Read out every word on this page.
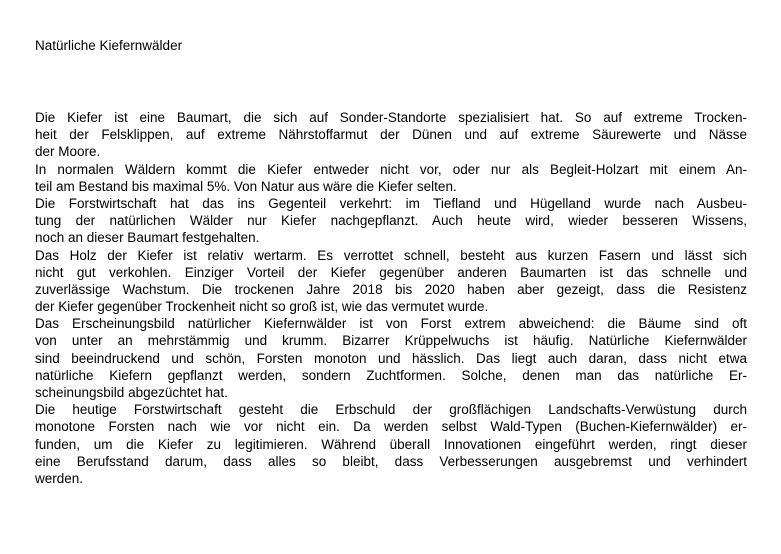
Natürliche Kiefernwälder

Die Kiefer ist eine Baumart, die sich auf Sonder-Standorte spezialisiert hat. So auf extreme Trocken-

heit der Felsklippen, auf extreme Nährstoffarmut der Dünen und auf extreme Säurewerte und Nässe

der Moore.

In normalen Wäldern kommt die Kiefer entweder nicht vor, oder nur als Begleit-Holzart mit einem An-

teil am Bestand bis maximal 5%. Von Natur aus wäre die Kiefer selten.

Die Forstwirtschaft hat das ins Gegenteil verkehrt: im Tiefland und Hügelland wurde nach Ausbeu-

tung der natürlichen Wälder nur Kiefer nachgepflanzt. Auch heute wird, wieder besseren Wissens,

noch an dieser Baumart festgehalten.

Das Holz der Kiefer ist relativ wertarm. Es verrottet schnell, besteht aus kurzen Fasern und lässt sich

nicht gut verkohlen. Einziger Vorteil der Kiefer gegenüber anderen Baumarten ist das schnelle und

zuverlässige Wachstum. Die trockenen Jahre 2018 bis 2020 haben aber gezeigt, dass die Resistenz

der Kiefer gegenüber Trockenheit nicht so groß ist, wie das vermutet wurde.

Das Erscheinungsbild natürlicher Kiefernwälder ist von Forst extrem abweichend: die Bäume sind oft

von unter an mehrstämmig und krumm. Bizarrer Krüppelwuchs ist häufig. Natürliche Kiefernwälder

sind beeindruckend und schön, Forsten monoton und hässlich. Das liegt auch daran, dass nicht etwa

natürliche Kiefern gepflanzt werden, sondern Zuchtformen. Solche, denen man das natürliche Er-

scheinungsbild abgezüchtet hat.

Die heutige Forstwirtschaft gesteht die Erbschuld der großflächigen Landschafts-Verwüstung durch

monotone Forsten nach wie vor nicht ein. Da werden selbst Wald-Typen (Buchen-Kiefernwälder) er-

funden, um die Kiefer zu legitimieren. Während überall Innovationen eingeführt werden, ringt dieser

eine Berufsstand darum, dass alles so bleibt, dass Verbesserungen ausgebremst und verhindert

werden.
